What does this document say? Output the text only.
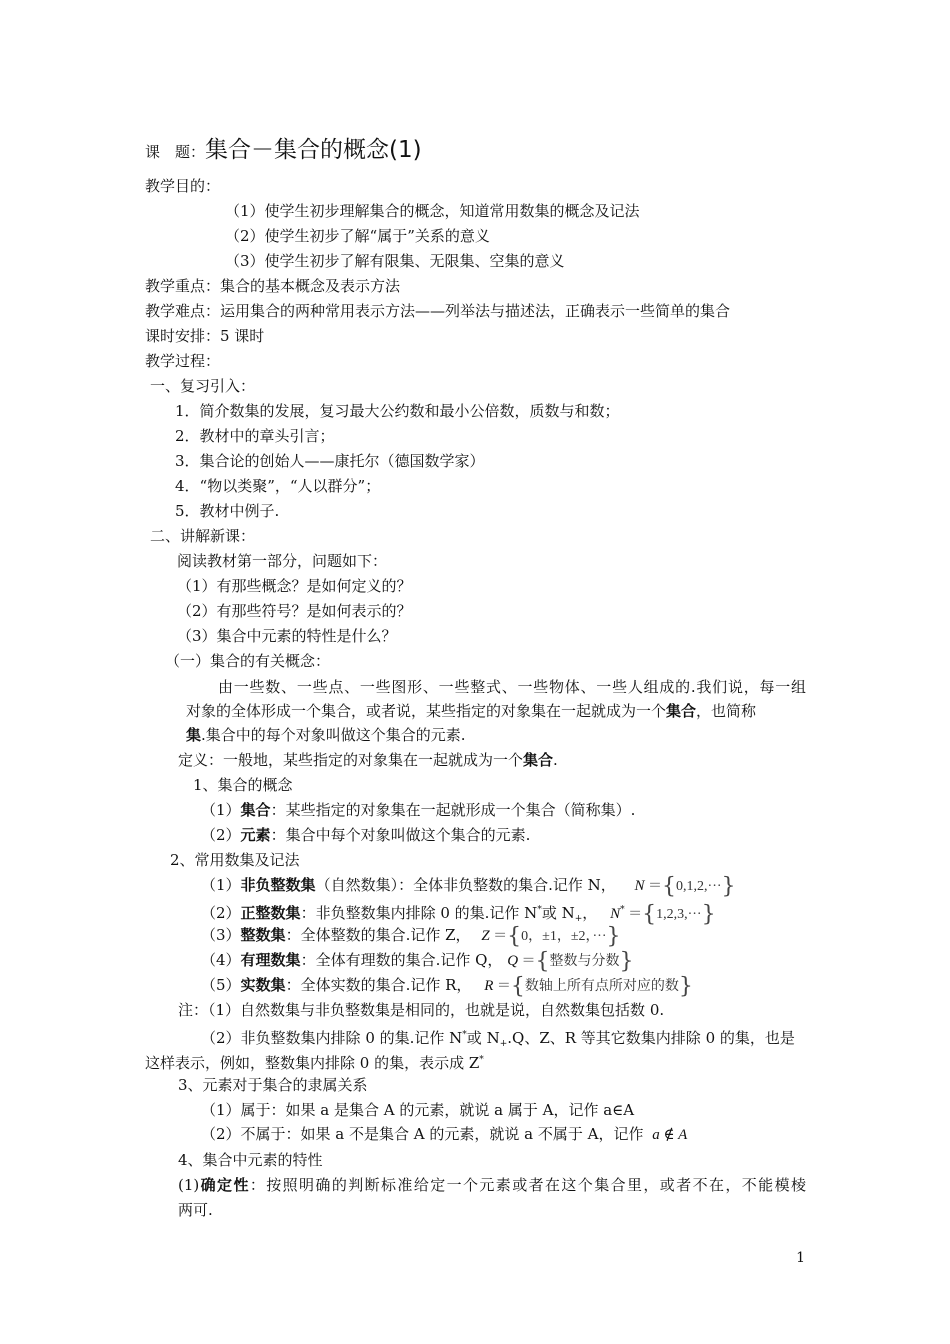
课　题：集合－集合的概念(1)
教学目的：
（1）使学生初步理解集合的概念，知道常用数集的概念及记法
（2）使学生初步了解“属于”关系的意义
（3）使学生初步了解有限集、无限集、空集的意义
教学重点：集合的基本概念及表示方法
教学难点：运用集合的两种常用表示方法——列举法与描述法，正确表示一些简单的集合
课时安排：5 课时
教学过程：
一、复习引入：
1．简介数集的发展，复习最大公约数和最小公倍数，质数与和数；
2．教材中的章头引言；
3．集合论的创始人——康托尔（德国数学家）
4．“物以类聚”，“人以群分”；
5．教材中例子.
二、讲解新课：
阅读教材第一部分，问题如下：
（1）有那些概念？是如何定义的？
（2）有那些符号？是如何表示的？
（3）集合中元素的特性是什么？
（一）集合的有关概念：
由一些数、一些点、一些图形、一些整式、一些物体、一些人组成的.我们说，每一组
对象的全体形成一个集合，或者说，某些指定的对象集在一起就成为一个集合，也简称
集.集合中的每个对象叫做这个集合的元素.
定义：一般地，某些指定的对象集在一起就成为一个集合.
1、集合的概念
（1）集合：某些指定的对象集在一起就形成一个集合（简称集）.
（2）元素：集合中每个对象叫做这个集合的元素.
2、常用数集及记法
（1）非负整数集（自然数集）：全体非负整数的集合.记作 N， N ＝{0,1,2,···}
（2）正整数集：非负整数集内排除 0 的集.记作 N*或 $N_+$， N* ＝{1,2,3,···}
（3）整数集：全体整数的集合.记作 Z， Z ＝{0，±1，±2，···}
（4）有理数集：全体有理数的集合.记作 Q， Q ＝{整数与分数}
（5）实数集：全体实数的集合.记作 R， R ＝{数轴上所有点所对应的数}
注：（1）自然数集与非负整数集是相同的，也就是说，自然数集包括数 0.
（2）非负整数集内排除 0 的集.记作 N*或 $N_+.Q$、Z、R 等其它数集内排除 0 的集，也是
这样表示，例如，整数集内排除 0 的集，表示成 Z*
3、元素对于集合的隶属关系
（1）属于：如果 a 是集合 A 的元素，就说 a 属于 A，记作 a∈A
（2）不属于：如果 a 不是集合 A 的元素，就说 a 不属于 A，记作 a ∉ A
4、集合中元素的特性
(1)确定性：按照明确的判断标准给定一个元素或者在这个集合里，或者不在，不能模棱
两可.
1
